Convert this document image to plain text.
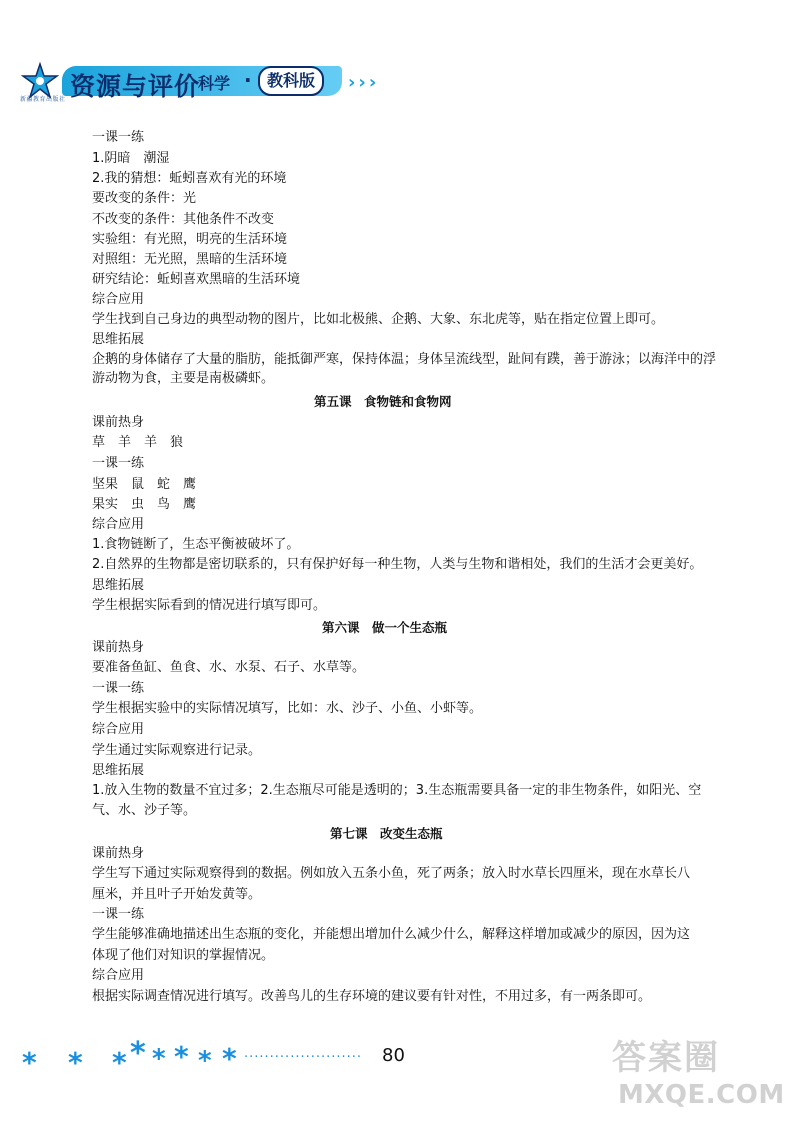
新疆教育出版社 资源与评价
科学 · 教科版	›››
* * * * * * * * ······················· 80	答案圈
MXQE.COM
一课一练
1.阴暗　潮湿
2.我的猜想：蚯蚓喜欢有光的环境
要改变的条件：光
不改变的条件：其他条件不改变
实验组：有光照，明亮的生活环境
对照组：无光照，黑暗的生活环境
研究结论：蚯蚓喜欢黑暗的生活环境
综合应用
学生找到自己身边的典型动物的图片，比如北极熊、企鹅、大象、东北虎等，贴在指定位置上即可。
思维拓展
企鹅的身体储存了大量的脂肪，能抵御严寒，保持体温；身体呈流线型，趾间有蹼，善于游泳；以海洋中的浮
游动物为食，主要是南极磷虾。
第五课　食物链和食物网
课前热身
草　羊　羊　狼
一课一练
坚果　鼠　蛇　鹰
果实　虫　鸟　鹰
综合应用
1.食物链断了，生态平衡被破坏了。
2.自然界的生物都是密切联系的，只有保护好每一种生物，人类与生物和谐相处，我们的生活才会更美好。
思维拓展
学生根据实际看到的情况进行填写即可。
第六课　做一个生态瓶
课前热身
要准备鱼缸、鱼食、水、水泵、石子、水草等。
一课一练
学生根据实验中的实际情况填写，比如：水、沙子、小鱼、小虾等。
综合应用
学生通过实际观察进行记录。
思维拓展
1.放入生物的数量不宜过多；2.生态瓶尽可能是透明的；3.生态瓶需要具备一定的非生物条件，如阳光、空
气、水、沙子等。
第七课　改变生态瓶
课前热身
学生写下通过实际观察得到的数据。例如放入五条小鱼，死了两条；放入时水草长四厘米，现在水草长八
厘米，并且叶子开始发黄等。
一课一练
学生能够准确地描述出生态瓶的变化，并能想出增加什么减少什么，解释这样增加或减少的原因，因为这
体现了他们对知识的掌握情况。
综合应用
根据实际调查情况进行填写。改善鸟儿的生存环境的建议要有针对性，不用过多，有一两条即可。
